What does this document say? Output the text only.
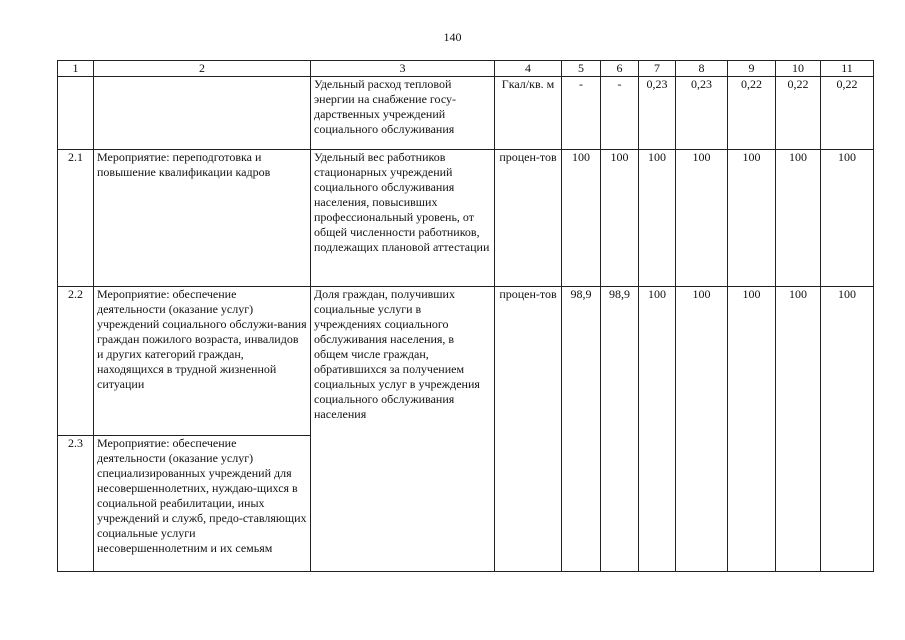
140
1	2	3	4	5	6	7	8	9	10	11
		Удельный расход тепловой энергии на снабжение госу-дарственных учреждений социального обслуживания	Гкал/кв. м	-	-	0,23	0,23	0,22	0,22	0,22
2.1	Мероприятие: переподготовка и повышение квалификации кадров	Удельный вес работников стационарных учреждений социального обслуживания населения, повысивших профессиональный уровень, от общей численности работников, подлежащих плановой аттестации	процен-тов	100	100	100	100	100	100	100
2.2	Мероприятие: обеспечение деятельности (оказание услуг) учреждений социального обслужи-вания граждан пожилого возраста, инвалидов и других категорий граждан, находящихся в трудной жизненной ситуации	Доля граждан, получивших социальные услуги в учреждениях социального обслуживания населения, в общем числе граждан, обратившихся за получением социальных услуг в учреждения социального обслуживания населения	процен-тов	98,9	98,9	100	100	100	100	100
2.3	Мероприятие: обеспечение деятельности (оказание услуг) специализированных учреждений для несовершеннолетних, нуждаю-щихся в социальной реабилитации, иных учреждений и служб, предо-ставляющих социальные услуги несовершеннолетним и их семьям									
